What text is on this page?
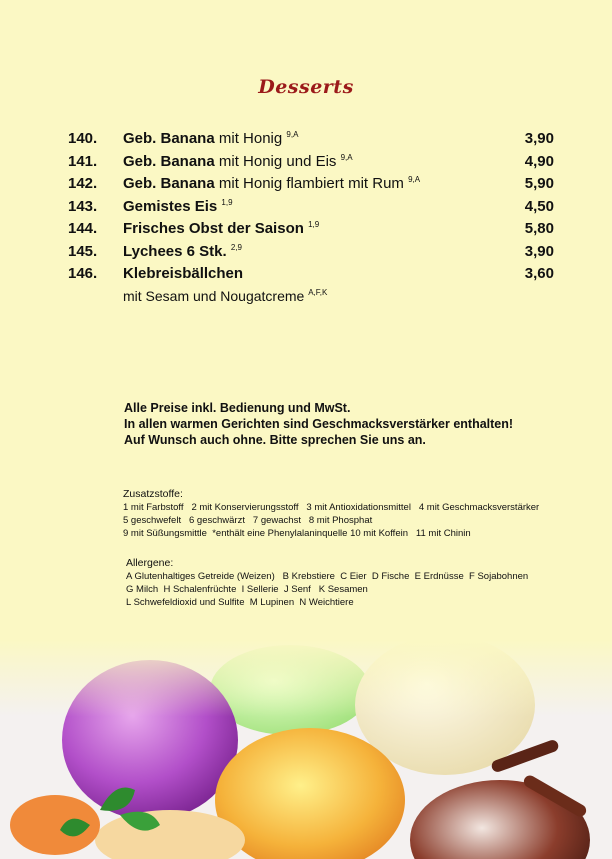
Desserts
140. Geb. Banana mit Honig $^{9,A}$	3,90
141. Geb. Banana mit Honig und Eis $^{9,A}$	4,90
142. Geb. Banana mit Honig flambiert mit Rum $^{9,A}$	5,90
143. Gemistes Eis $^{1,9}$	4,50
144. Frisches Obst der Saison $^{1,9}$	5,80
145. Lychees 6 Stk. $^{2,9}$	3,90
146. Klebreisbällchen	3,60
mit Sesam und Nougatcreme $^{A,F,K}$
Alle Preise inkl. Bedienung und MwSt.
In allen warmen Gerichten sind Geschmacksverstärker enthalten!
Auf Wunsch auch ohne. Bitte sprechen Sie uns an.
Zusatzstoffe:
1 mit Farbstoff   2 mit Konservierungsstoff   3 mit Antioxidationsmittel   4 mit Geschmacksverstärker
5 geschwefelt   6 geschwärzt   7 gewachst   8 mit Phosphat
9 mit Süßungsmittle  *enthält eine Phenylalaninquelle 10 mit Koffein   11 mit Chinin
Allergene:
A Glutenhaltiges Getreide (Weizen)   B Krebstiere  C Eier  D Fische  E Erdnüsse  F Sojabohnen
G Milch  H Schalenfrüchte  I Sellerie  J Senf   K Sesamen
L Schwefeldioxid und Sulfite  M Lupinen  N Weichtiere
